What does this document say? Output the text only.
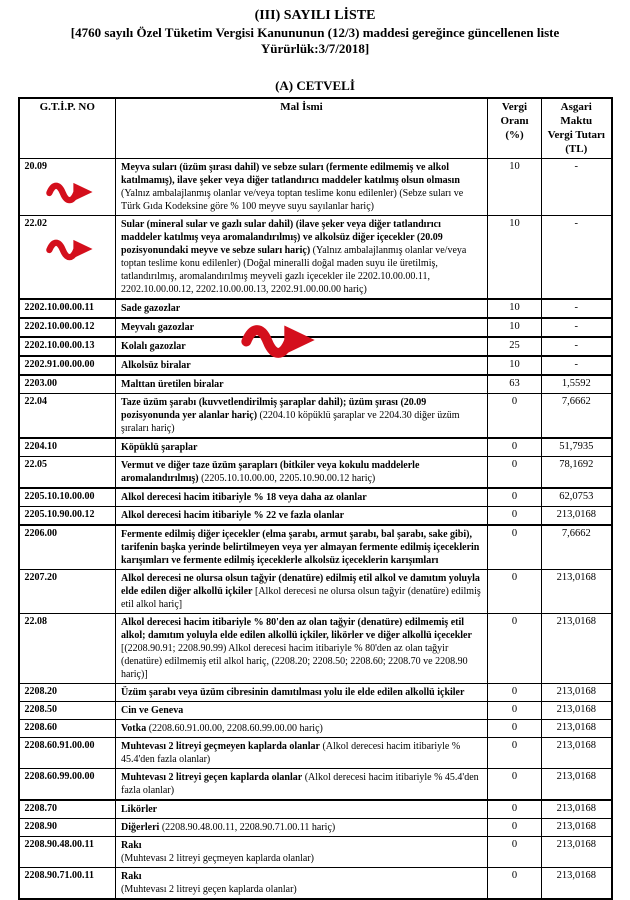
(III) SAYILI LİSTE
[4760 sayılı Özel Tüketim Vergisi Kanununun (12/3) maddesi gereğince güncellenen liste
Yürürlük:3/7/2018]
(A) CETVELİ
G.T.İ.P. NO	Mal İsmi	Vergi Oranı (%)	Asgari Maktu Vergi Tutarı (TL)
20.09	Meyva suları (üzüm şırası dahil) ve sebze suları (fermente edilmemiş ve alkol katılmamış), ilave şeker veya diğer tatlandırıcı maddeler katılmış olsun olmasın (Yalnız ambalajlanmış olanlar ve/veya toptan teslime konu edilenler) (Sebze suları ve Türk Gıda Kodeksine göre % 100 meyve suyu sayılanlar hariç)	10	-
22.02	Sular (mineral sular ve gazlı sular dahil) (ilave şeker veya diğer tatlandırıcı maddeler katılmış veya aromalandırılmış) ve alkolsüz diğer içecekler (20.09 pozisyonundaki meyve ve sebze suları hariç) (Yalnız ambalajlanmış olanlar ve/veya toptan teslime konu edilenler) (Doğal mineralli doğal maden suyu ile üretilmiş, tatlandırılmış, aromalandırılmış meyveli gazlı içecekler ile 2202.10.00.00.11, 2202.10.00.00.12, 2202.10.00.00.13, 2202.91.00.00.00 hariç)	10	-
2202.10.00.00.11	Sade gazozlar	10	-
2202.10.00.00.12	Meyvalı gazozlar	10	-
2202.10.00.00.13	Kolalı gazozlar	25	-
2202.91.00.00.00	Alkolsüz biralar	10	-
2203.00	Malttan üretilen biralar	63	1,5592
22.04	Taze üzüm şarabı (kuvvetlendirilmiş şaraplar dahil); üzüm şırası (20.09 pozisyonunda yer alanlar hariç) (2204.10 köpüklü şaraplar ve 2204.30 diğer üzüm şıraları hariç)	0	7,6662
2204.10	Köpüklü şaraplar	0	51,7935
22.05	Vermut ve diğer taze üzüm şarapları (bitkiler veya kokulu maddelerle aromalandırılmış) (2205.10.10.00.00, 2205.10.90.00.12 hariç)	0	78,1692
2205.10.10.00.00	Alkol derecesi hacim itibariyle % 18 veya daha az olanlar	0	62,0753
2205.10.90.00.12	Alkol derecesi hacim itibariyle % 22 ve fazla olanlar	0	213,0168
2206.00	Fermente edilmiş diğer içecekler (elma şarabı, armut şarabı, bal şarabı, sake gibi), tarifenin başka yerinde belirtilmeyen veya yer almayan fermente edilmiş içeceklerin karışımları ve fermente edilmiş içeceklerle alkolsüz içeceklerin karışımları	0	7,6662
2207.20	Alkol derecesi ne olursa olsun tağyir (denatüre) edilmiş etil alkol ve damıtım yoluyla elde edilen diğer alkollü içkiler [Alkol derecesi ne olursa olsun tağyir (denatüre) edilmiş etil alkol hariç]	0	213,0168
22.08	Alkol derecesi hacim itibariyle % 80'den az olan tağyir (denatüre) edilmemiş etil alkol; damıtım yoluyla elde edilen alkollü içkiler, likörler ve diğer alkollü içecekler [(2208.90.91; 2208.90.99) Alkol derecesi hacim itibariyle % 80'den az olan tağyir (denatüre) edilmemiş etil alkol hariç, (2208.20; 2208.50; 2208.60; 2208.70 ve 2208.90 hariç)]	0	213,0168
2208.20	Üzüm şarabı veya üzüm cibresinin damıtılması yolu ile elde edilen alkollü içkiler	0	213,0168
2208.50	Cin ve Geneva	0	213,0168
2208.60	Votka (2208.60.91.00.00, 2208.60.99.00.00 hariç)	0	213,0168
2208.60.91.00.00	Muhtevası 2 litreyi geçmeyen kaplarda olanlar (Alkol derecesi hacim itibariyle % 45.4'den fazla olanlar)	0	213,0168
2208.60.99.00.00	Muhtevası 2 litreyi geçen kaplarda olanlar (Alkol derecesi hacim itibariyle % 45.4'den fazla olanlar)	0	213,0168
2208.70	Likörler	0	213,0168
2208.90	Diğerleri (2208.90.48.00.11, 2208.90.71.00.11 hariç)	0	213,0168
2208.90.48.00.11	Rakı
(Muhtevası 2 litreyi geçmeyen kaplarda olanlar)	0	213,0168
2208.90.71.00.11	Rakı
(Muhtevası 2 litreyi geçen kaplarda olanlar)	0	213,0168
